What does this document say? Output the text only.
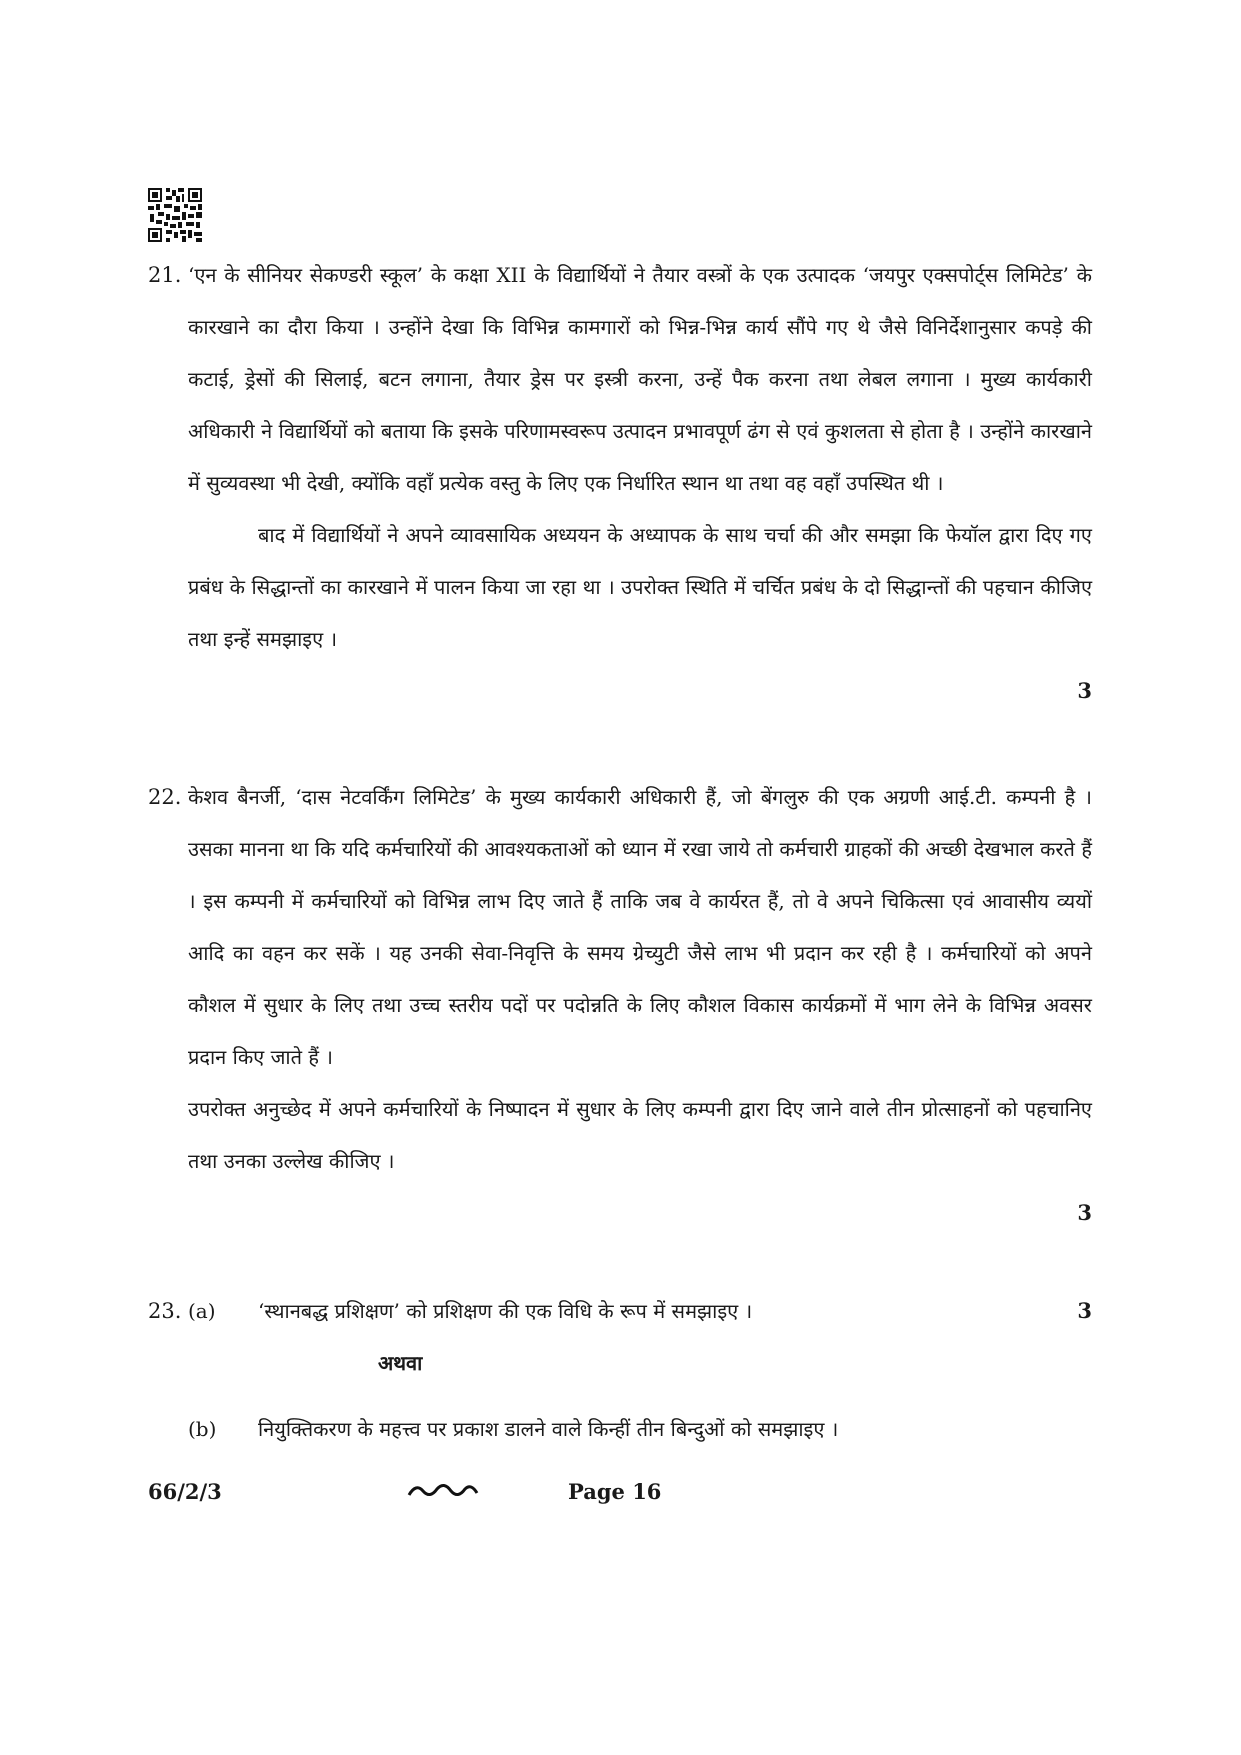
21. ‘एन के सीनियर सेकण्डरी स्कूल’ के कक्षा XII के विद्यार्थियों ने तैयार वस्त्रों के एक उत्पादक ‘जयपुर एक्सपोर्ट्स लिमिटेड’ के कारखाने का दौरा किया । उन्होंने देखा कि विभिन्न कामगारों को भिन्न-भिन्न कार्य सौंपे गए थे जैसे विनिर्देशानुसार कपड़े की कटाई, ड्रेसों की सिलाई, बटन लगाना, तैयार ड्रेस पर इस्त्री करना, उन्हें पैक करना तथा लेबल लगाना । मुख्य कार्यकारी अधिकारी ने विद्यार्थियों को बताया कि इसके परिणामस्वरूप उत्पादन प्रभावपूर्ण ढंग से एवं कुशलता से होता है । उन्होंने कारखाने में सुव्यवस्था भी देखी, क्योंकि वहाँ प्रत्येक वस्तु के लिए एक निर्धारित स्थान था तथा वह वहाँ उपस्थित थी ।

बाद में विद्यार्थियों ने अपने व्यावसायिक अध्ययन के अध्यापक के साथ चर्चा की और समझा कि फेयॉल द्वारा दिए गए प्रबंध के सिद्धान्तों का कारखाने में पालन किया जा रहा था । उपरोक्त स्थिति में चर्चित प्रबंध के दो सिद्धान्तों की पहचान कीजिए तथा इन्हें समझाइए ।

3
22. केशव बैनर्जी, ‘दास नेटवर्किंग लिमिटेड’ के मुख्य कार्यकारी अधिकारी हैं, जो बेंगलुरु की एक अग्रणी आई.टी. कम्पनी है । उसका मानना था कि यदि कर्मचारियों की आवश्यकताओं को ध्यान में रखा जाये तो कर्मचारी ग्राहकों की अच्छी देखभाल करते हैं । इस कम्पनी में कर्मचारियों को विभिन्न लाभ दिए जाते हैं ताकि जब वे कार्यरत हैं, तो वे अपने चिकित्सा एवं आवासीय व्ययों आदि का वहन कर सकें । यह उनकी सेवा-निवृत्ति के समय ग्रेच्युटी जैसे लाभ भी प्रदान कर रही है । कर्मचारियों को अपने कौशल में सुधार के लिए तथा उच्च स्तरीय पदों पर पदोन्नति के लिए कौशल विकास कार्यक्रमों में भाग लेने के विभिन्न अवसर प्रदान किए जाते हैं ।

उपरोक्त अनुच्छेद में अपने कर्मचारियों के निष्पादन में सुधार के लिए कम्पनी द्वारा दिए जाने वाले तीन प्रोत्साहनों को पहचानिए तथा उनका उल्लेख कीजिए ।

3
23. (a) ‘स्थानबद्ध प्रशिक्षण’ को प्रशिक्षण की एक विधि के रूप में समझाइए ।
अथवा
(b) नियुक्तिकरण के महत्त्व पर प्रकाश डालने वाले किन्हीं तीन बिन्दुओं को समझाइए ।
3
66/2/3	Page 16
